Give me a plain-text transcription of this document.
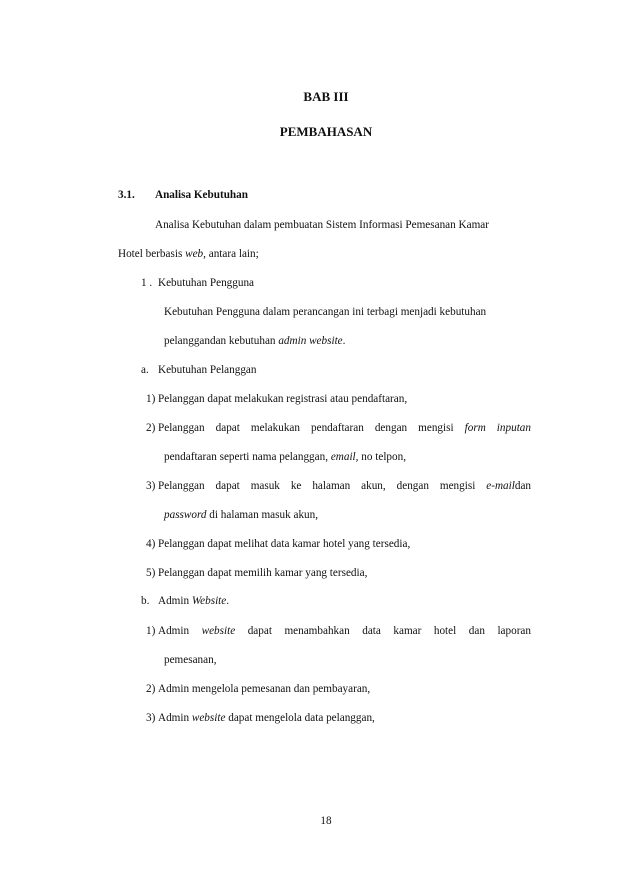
BAB III
PEMBAHASAN
3.1. Analisa Kebutuhan
Analisa Kebutuhan dalam pembuatan Sistem Informasi Pemesanan Kamar
Hotel berbasis web, antara lain;
1 . Kebutuhan Pengguna
Kebutuhan Pengguna dalam perancangan ini terbagi menjadi kebutuhan
pelanggandan kebutuhan admin website.
a. Kebutuhan Pelanggan
1) Pelanggan dapat melakukan registrasi atau pendaftaran,
2) Pelanggan dapat melakukan pendaftaran dengan mengisi form inputan
pendaftaran seperti nama pelanggan, email, no telpon,
3) Pelanggan dapat masuk ke halaman akun, dengan mengisi e-maildan
password di halaman masuk akun,
4) Pelanggan dapat melihat data kamar hotel yang tersedia,
5) Pelanggan dapat memilih kamar yang tersedia,
b. Admin Website.
1) Admin website dapat menambahkan data kamar hotel dan laporan
pemesanan,
2) Admin mengelola pemesanan dan pembayaran,
3) Admin website dapat mengelola data pelanggan,
18
